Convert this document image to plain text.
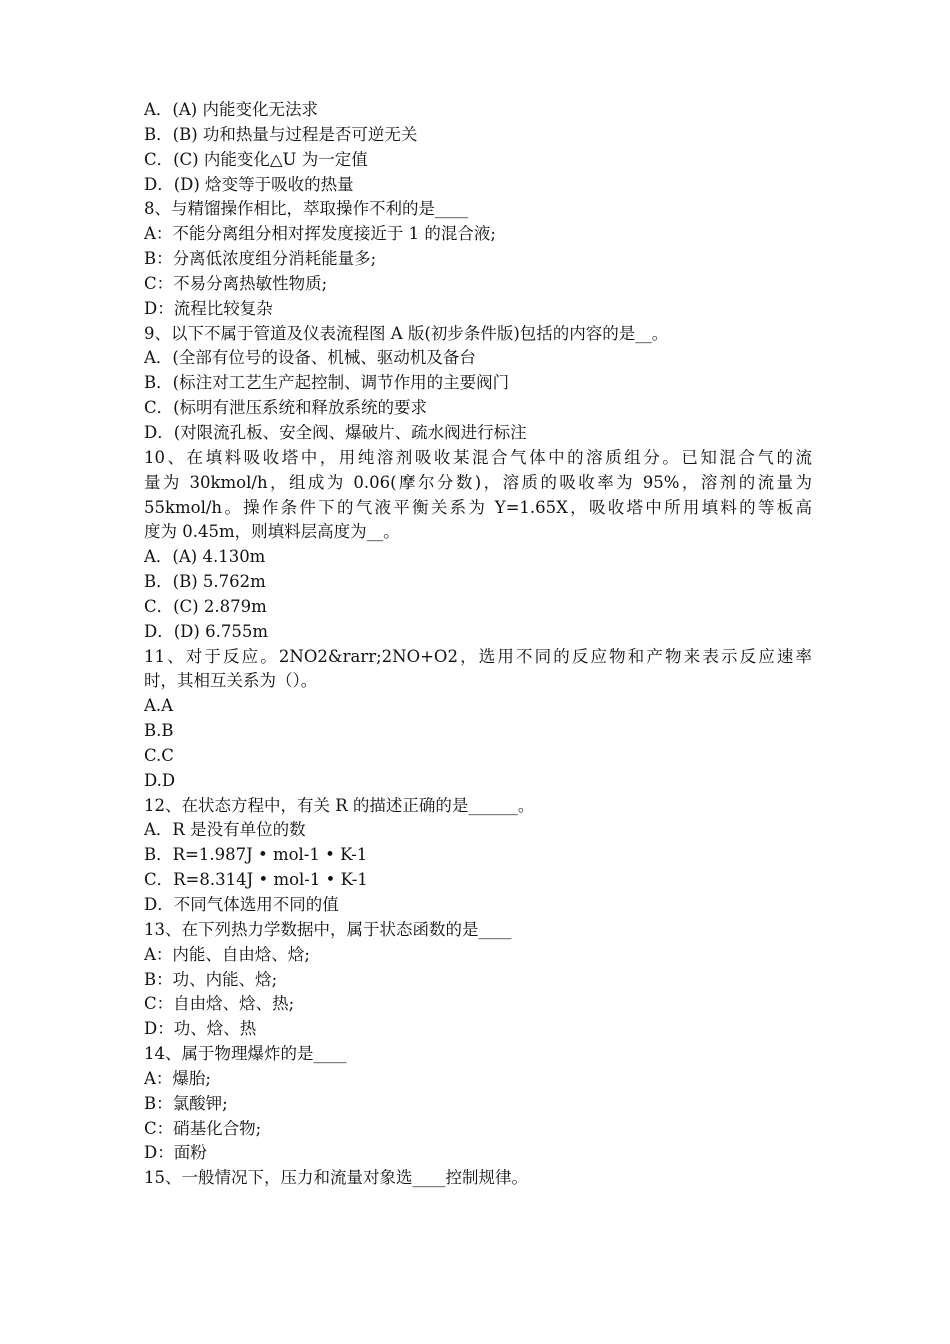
A．(A) 内能变化无法求
B．(B) 功和热量与过程是否可逆无关
C．(C) 内能变化△U 为一定值
D．(D) 焓变等于吸收的热量
8、与精馏操作相比，萃取操作不利的是____
A：不能分离组分相对挥发度接近于 1 的混合液;
B：分离低浓度组分消耗能量多;
C：不易分离热敏性物质;
D：流程比较复杂
9、以下不属于管道及仪表流程图 A 版(初步条件版)包括的内容的是__。
A．(全部有位号的设备、机械、驱动机及备台
B．(标注对工艺生产起控制、调节作用的主要阀门
C．(标明有泄压系统和释放系统的要求
D．(对限流孔板、安全阀、爆破片、疏水阀进行标注
10、在填料吸收塔中，用纯溶剂吸收某混合气体中的溶质组分。已知混合气的流
量为 30kmol/h，组成为 0.06(摩尔分数)，溶质的吸收率为 95%，溶剂的流量为
55kmol/h。操作条件下的气液平衡关系为 Y=1.65X，吸收塔中所用填料的等板高
度为 0.45m，则填料层高度为__。
A．(A) 4.130m
B．(B) 5.762m
C．(C) 2.879m
D．(D) 6.755m
11、对于反应。2NO2&rarr;2NO+O2，选用不同的反应物和产物来表示反应速率
时，其相互关系为（）。
A.A
B.B
C.C
D.D
12、在状态方程中，有关 R 的描述正确的是______。
A．R 是没有单位的数
B．R=1.987J • mol-1 • K-1
C．R=8.314J • mol-1 • K-1
D．不同气体选用不同的值
13、在下列热力学数据中，属于状态函数的是____
A：内能、自由焓、焓;
B：功、内能、焓;
C：自由焓、焓、热;
D：功、焓、热
14、属于物理爆炸的是____
A：爆胎;
B：氯酸钾;
C：硝基化合物;
D：面粉
15、一般情况下，压力和流量对象选____控制规律。
